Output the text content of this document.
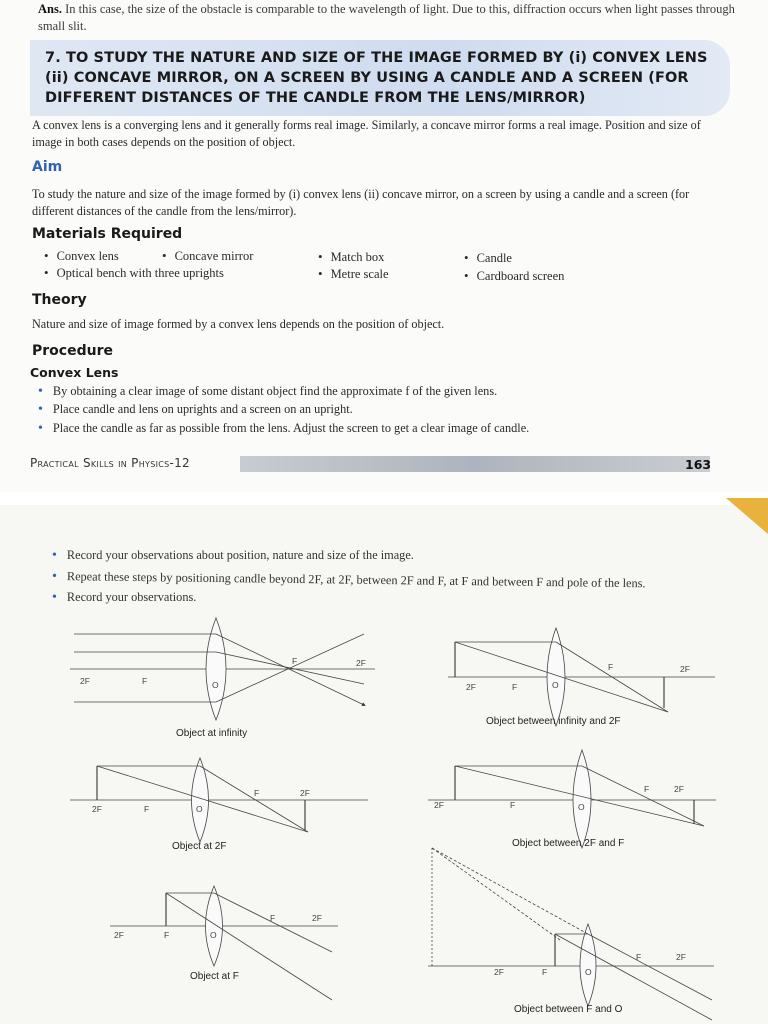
Ans. In this case, the size of the obstacle is comparable to the wavelength of light. Due to this, diffraction occurs when light passes through small slit.
7. TO STUDY THE NATURE AND SIZE OF THE IMAGE FORMED BY (i) CONVEX LENS (ii) CONCAVE MIRROR, ON A SCREEN BY USING A CANDLE AND A SCREEN (FOR DIFFERENT DISTANCES OF THE CANDLE FROM THE LENS/MIRROR)
A convex lens is a converging lens and it generally forms real image. Similarly, a concave mirror forms a real image. Position and size of image in both cases depends on the position of object.
Aim
To study the nature and size of the image formed by (i) convex lens (ii) concave mirror, on a screen by using a candle and a screen (for different distances of the candle from the lens/mirror).
Materials Required
• Convex lens	• Concave mirror	• Match box	• Candle
• Optical bench with three uprights	• Metre scale	• Cardboard screen
Theory
Nature and size of image formed by a convex lens depends on the position of object.
Procedure
Convex Lens
• By obtaining a clear image of some distant object find the approximate f of the given lens.
• Place candle and lens on uprights and a screen on an upright.
• Place the candle as far as possible from the lens. Adjust the screen to get a clear image of candle.
Practical Skills in Physics-12	163
• Record your observations about position, nature and size of the image.
• Repeat these steps by positioning candle beyond 2F, at 2F, between 2F and F, at F and between F and pole of the lens.
• Record your observations.
2F	F	O
F	2F
Object at infinity
2F	F	O
F	2F
Object between infinity and 2F
2F	F	O
F	2F
Object at 2F
2F	F	O
F	2F
Object between 2F and F
2F	F	O
F	2F
Object at F	2F	F	O
F	2F
Object between F and O
